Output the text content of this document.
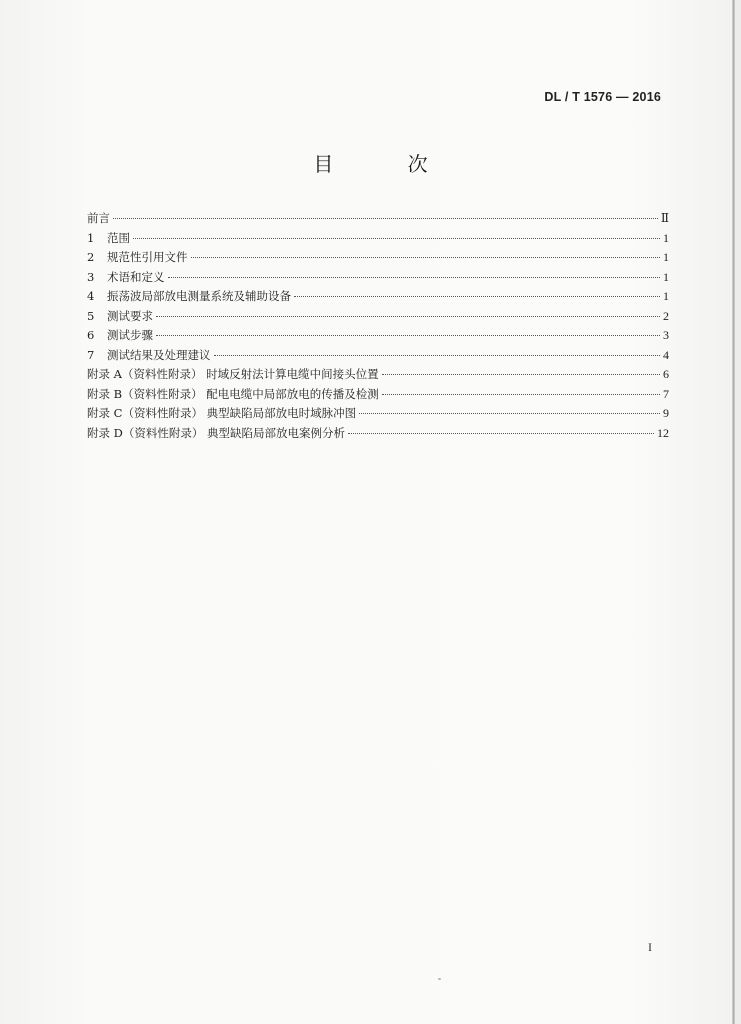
DL / T 1576 — 2016
目 次
前言	Ⅱ
1 范围	1
2 规范性引用文件	1
3 术语和定义	1
4 振荡波局部放电测量系统及辅助设备	1
5 测试要求	2
6 测试步骤	3
7 测试结果及处理建议	4
附录 A（资料性附录） 时域反射法计算电缆中间接头位置	6
附录 B（资料性附录） 配电电缆中局部放电的传播及检测	7
附录 C（资料性附录） 典型缺陷局部放电时域脉冲图	9
附录 D（资料性附录） 典型缺陷局部放电案例分析	12
I
